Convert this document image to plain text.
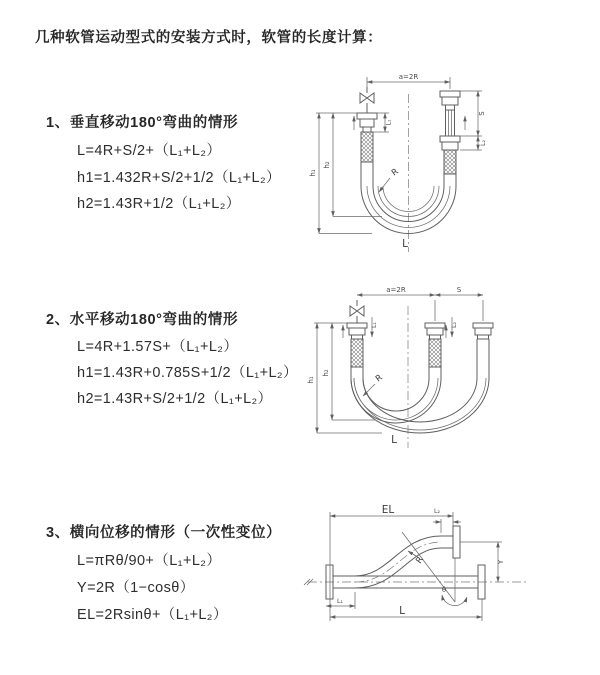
几种软管运动型式的安装方式时，软管的长度计算：
1、垂直移动180°弯曲的情形
L=4R+S/2+（L₁+L₂）
h1=1.432R+S/2+1/2（L₁+L₂）
h2=1.43R+1/2（L₁+L₂）
2、水平移动180°弯曲的情形
L=4R+1.57S+（L₁+L₂）
h1=1.43R+0.785S+1/2（L₁+L₂）
h2=1.43R+S/2+1/2（L₁+L₂）
3、横向位移的情形（一次性变位）
L=πRθ/90+（L₁+L₂）
Y=2R（1−cosθ）
EL=2Rsinθ+（L₁+L₂）
a=2R
S
L₂
L₁
h₁
h₂
R
L
a=2R	S
h₁
h₂
L₁	L₂
R
L
EL	L₂
Y
θ
R
L
L₁
